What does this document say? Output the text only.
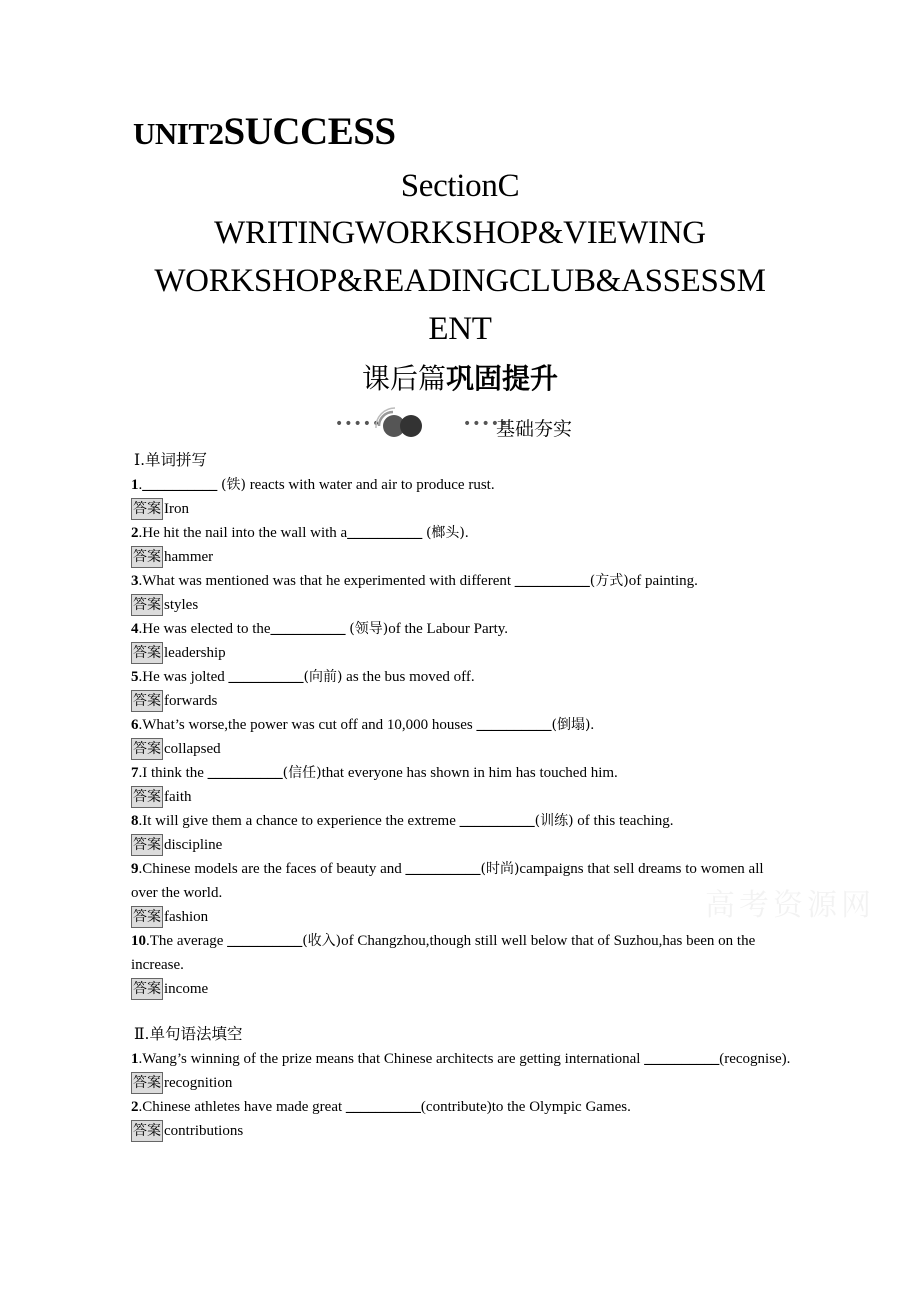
UNIT2SUCCESS
SectionC
WRITINGWORKSHOP&VIEWING
WORKSHOP&READINGCLUB&ASSESSM
ENT
课后篇巩固提升
•••••	•••••
基础夯实
Ⅰ.单词拼写
1.__________ (铁) reacts with water and air to produce rust.
答案 Iron
2.He hit the nail into the wall with a__________ (榔头).
答案 hammer
3.What was mentioned was that he experimented with different __________(方式)of painting.
答案 styles
4.He was elected to the__________ (领导)of the Labour Party.
答案 leadership
5.He was jolted __________(向前) as the bus moved off.
答案 forwards
6.What’s worse,the power was cut off and 10,000 houses __________(倒塌).
答案 collapsed
7.I think the __________(信任)that everyone has shown in him has touched him.
答案 faith
8.It will give them a chance to experience the extreme __________(训练) of this teaching.
答案 discipline
9.Chinese models are the faces of beauty and __________(时尚)campaigns that sell dreams to women all over the world.
答案 fashion
10.The average __________(收入)of Changzhou,though still well below that of Suzhou,has been on the increase.
答案 income
Ⅱ.单句语法填空
1.Wang’s winning of the prize means that Chinese architects are getting international __________(recognise).
答案 recognition
2.Chinese athletes have made great __________(contribute)to the Olympic Games.
答案 contributions
高考资源网
